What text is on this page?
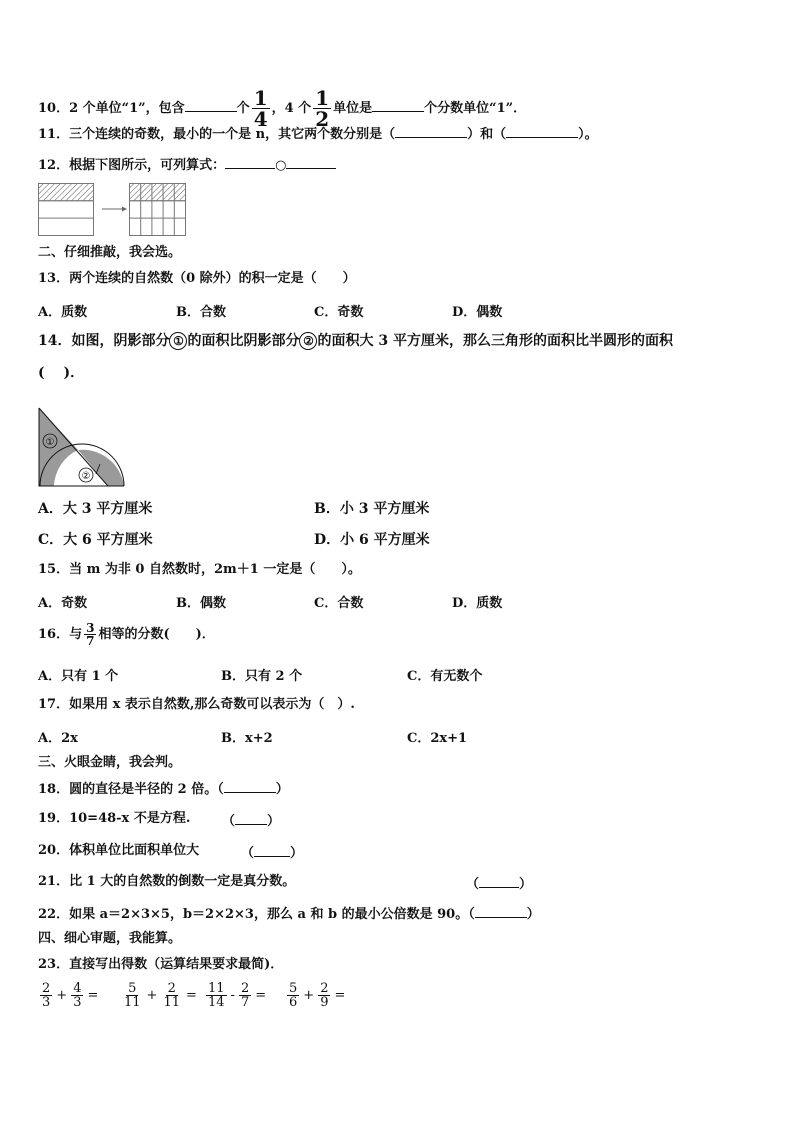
10．2 个单位“1”，包含	个 $\frac{1}{4}$ ，4 个 $\frac{1}{2}$ 单位是	个分数单位“1”．
11．三个连续的奇数，最小的一个是 n，其它两个数分别是（	）和（	）。
12．根据下图所示，可列算式：	○
二、仔细推敲，我会选。
13．两个连续的自然数（0 除外）的积一定是（　　）
A．质数	B．合数	C．奇数	D．偶数
14．如图，阴影部分 ① 的面积比阴影部分 ② 的面积大 3 平方厘米，那么三角形的面积比半圆形的面积
(　 )．
①
②
A．大 3 平方厘米	B．小 3 平方厘米
C．大 6 平方厘米	D．小 6 平方厘米
15．当 m 为非 0 自然数时，2m＋1 一定是（　　）。
A．奇数	B．偶数	C．合数	D．质数
16．与 $\frac{3}{7}$ 相等的分数(　　)．
A．只有 1 个	B．只有 2 个	C．有无数个
17．如果用 x 表示自然数,那么奇数可以表示为（　）.
A．2x	B．x+2	C．2x+1
三、火眼金睛，我会判。
18．圆的直径是半径的 2 倍。（	）
19．10=48-x 不是方程. （ ）
20．体积单位比面积单位大	（	）
21．比 1 大的自然数的倒数一定是真分数。	（	）
22．如果 a＝2×3×5，b＝2×2×3，那么 a 和 b 的最小公倍数是 90。（	）
四、细心审题，我能算。
23．直接写出得数（运算结果要求最简)．
$\frac{2}{3} + \frac{4}{3} = \frac{5}{11} + \frac{2}{11} = \frac{11}{14} - \frac{2}{7} = \frac{5}{6} + \frac{2}{9}$ =
